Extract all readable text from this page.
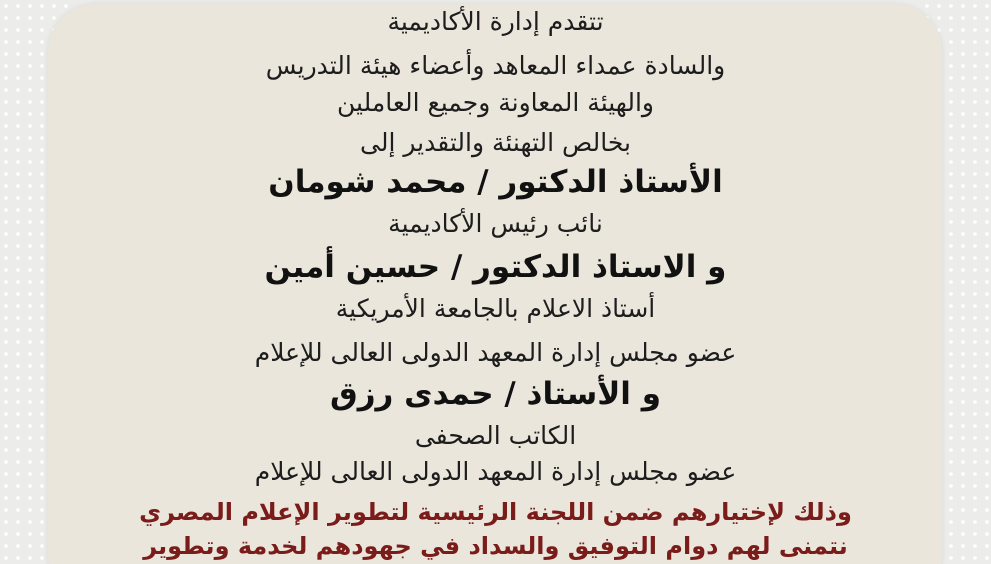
تتقدم إدارة الأكاديمية
والسادة عمداء المعاهد وأعضاء هيئة التدريس
والهيئة المعاونة وجميع العاملين
بخالص التهنئة والتقدير إلى
الأستاذ الدكتور / محمد شومان
نائب رئيس الأكاديمية
و الاستاذ الدكتور / حسين أمين
أستاذ الاعلام بالجامعة الأمريكية
عضو مجلس إدارة المعهد الدولى العالى للإعلام
و الأستاذ / حمدى رزق
الكاتب الصحفى
عضو مجلس إدارة المعهد الدولى العالى للإعلام
وذلك لإختيارهم ضمن اللجنة الرئيسية لتطوير الإعلام المصري
نتمنى لهم دوام التوفيق والسداد في جهودهم لخدمة وتطوير
